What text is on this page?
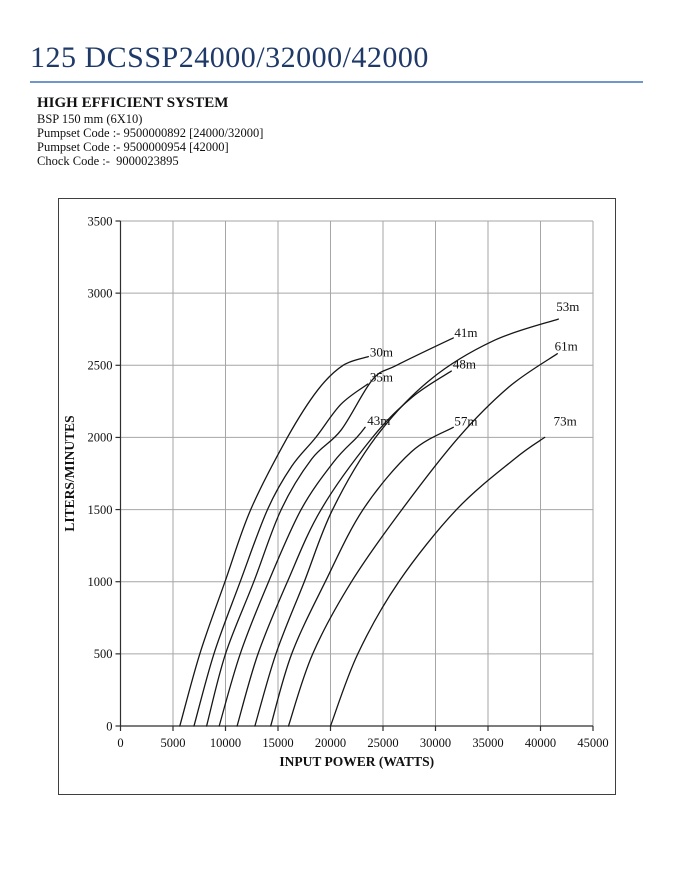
125 DCSSP24000/32000/42000
HIGH EFFICIENT SYSTEM
BSP 150 mm (6X10)
Pumpset Code :- 9500000892 [24000/32000]
Pumpset Code :- 9500000954 [42000]
Chock Code :-  9000023895
0
500
1000
1500
2000
2500
3000
3500
0	5000 10000 15000 20000 25000 30000 35000 40000 45000
LITERS/MINUTES
INPUT POWER (WATTS)
30m
35m
41m
43m
48m
53m
57m
61m
73m
